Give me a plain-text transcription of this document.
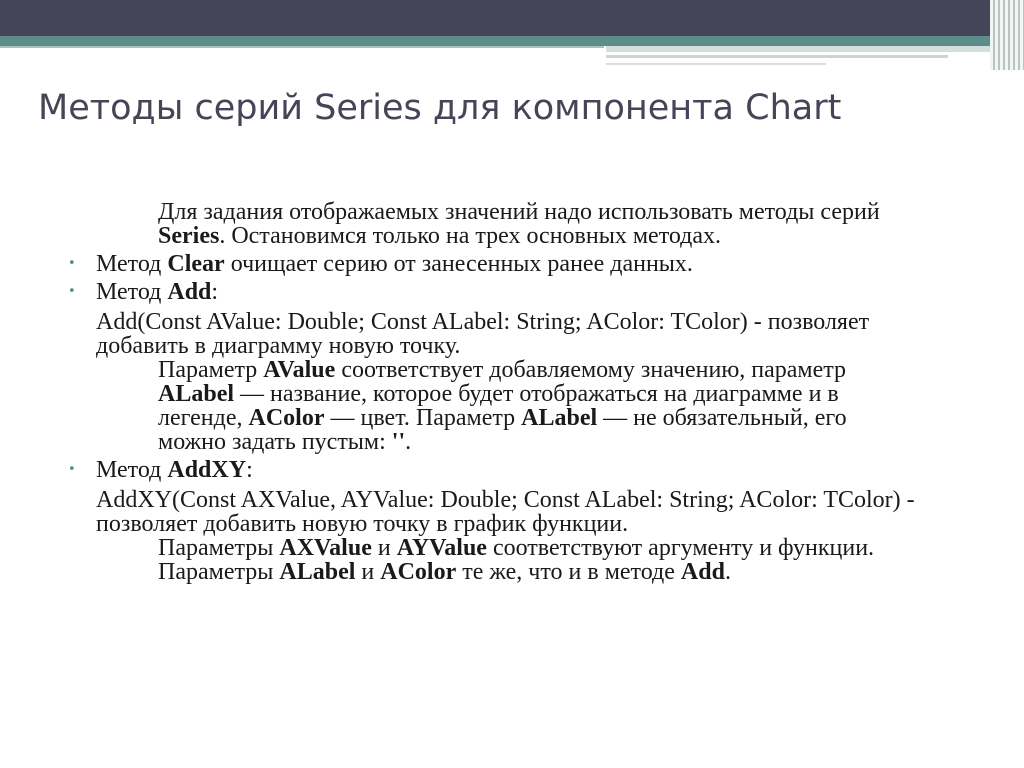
Методы серий Series для компонента Chart

Для задания отображаемых значений надо использовать методы серий Series. Остановимся только на трех основных методах.

• Метод Clear очищает серию от занесенных ранее данных.

• Метод Add:

Add(Const AValue: Double; Const ALabel: String; AColor: TColor) - позволяет добавить в диаграмму новую точку.

Параметр AValue соответствует добавляемому значению, параметр ALabel — название, которое будет отображаться на диаграмме и в легенде, AColor — цвет. Параметр ALabel — не обязательный, его можно задать пустым: ''.

• Метод AddXY:

AddXY(Const AXValue, AYValue: Double; Const ALabel: String; AColor: TColor) - позволяет добавить новую точку в график функции.

Параметры AXValue и AYValue соответствуют аргументу и функции.

Параметры ALabel и AColor те же, что и в методе Add.
